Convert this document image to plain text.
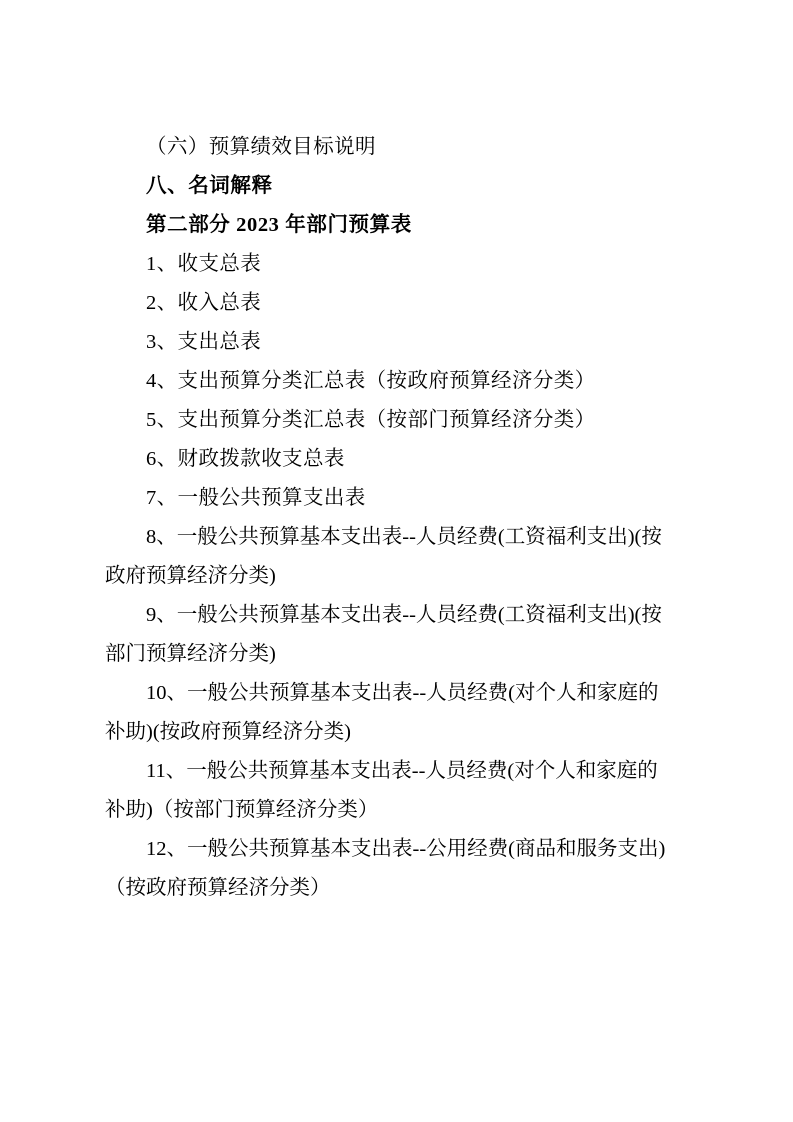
（六）预算绩效目标说明

八、名词解释

第二部分 2023 年部门预算表

1、收支总表

2、收入总表

3、支出总表

4、支出预算分类汇总表（按政府预算经济分类）

5、支出预算分类汇总表（按部门预算经济分类）

6、财政拨款收支总表

7、一般公共预算支出表

8、一般公共预算基本支出表--人员经费(工资福利支出)(按

政府预算经济分类)

9、一般公共预算基本支出表--人员经费(工资福利支出)(按

部门预算经济分类)

10、一般公共预算基本支出表--人员经费(对个人和家庭的

补助)(按政府预算经济分类)

11、一般公共预算基本支出表--人员经费(对个人和家庭的

补助)（按部门预算经济分类）

12、一般公共预算基本支出表--公用经费(商品和服务支出)

（按政府预算经济分类）
